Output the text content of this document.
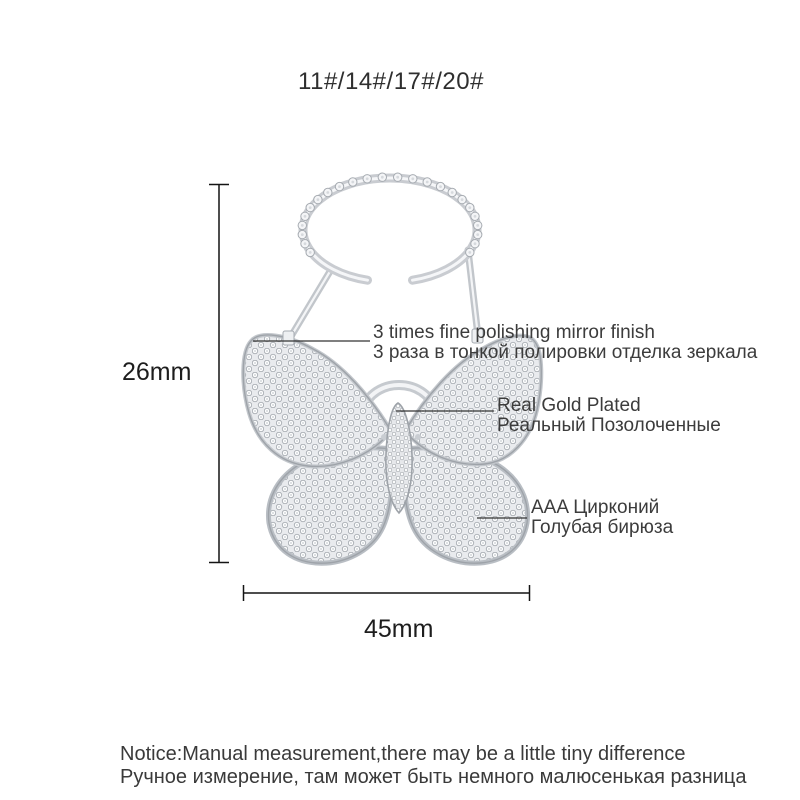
11#/14#/17#/20#
26mm
45mm
3 times fine polishing mirror finish
3 раза в тонкой полировки отделка зеркала
Real Gold Plated
Реальный Позолоченные
AAA Цирконий
Голубая бирюза
Notice:Manual measurement,there may be a little tiny difference
Ручное измерение, там может быть немного малюсенькая разница
